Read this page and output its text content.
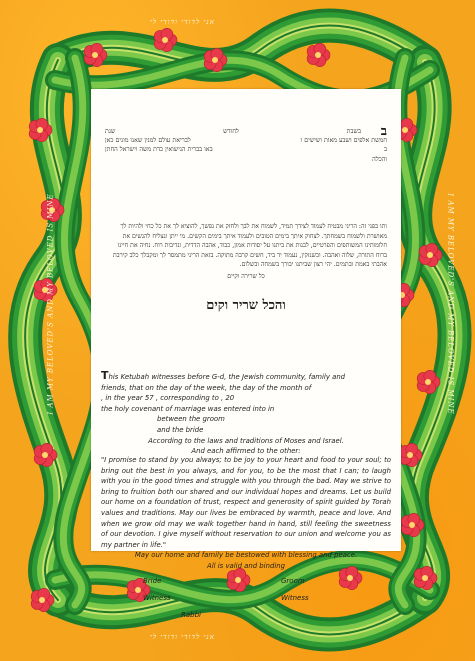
אני לדודי ודודי לי
אני לדודי ודודי לי
I AM MY BELOVED'S AND MY BELOVED IS MINE	I AM MY BELOVED'S AND MY BELOVED IS MINE
ב
בשבת
לחודש
שנת
חמשת אלפים ושבע מאות ושישים ו
לבריאת עולם למנין שאנו מונים כאן
ב
באו בברית הנישואין כדת משה וישראל החתן
והכלה
ותו בפני זה: הריני מבטיח לעמוד לצידך תמיד, לשמוח את לבך ולחזק את נפשך, להוציא לך את כל כחי ולהיות לך מאושרת ולשמוח בשמחתך. לצחוק איתך בימים הטובים ולעמוד איתך בימים הקשים. מי ייתן ונצליח להגשים את חלומותינו המשותפים והפרטיים, לבנות את ביתנו על יסודות אמון, כבוד, אהבה הדדית, ונדיבות רוח. נחיה את חיינו ברוח התורה, שלוה ואהבה. וכשנזקין, נעמוד יד ביד, חשים קרבה מתוקה. בזאת הריני מתמסר לך ומקבלך כלב קירבת אהבתי באמת ובתמים. יהי רצון שביתנו יבורך בשמחה ובשלום.
כל שרירה וקיים
והכל שריר וקים
This Ketubah witnesses before G-d, the Jewish community, family and
friends, that on the day of the week, the day of the month of
, in the year 57 , corresponding to , 20
the holy covenant of marriage was entered into in
between the groom
and the bride
According to the laws and traditions of Moses and Israel.
And each affirmed to the other:
"I promise to stand by you always; to be joy to your heart and food to your soul; to bring out the best in you always, and for you, to be the most that I can; to laugh with you in the good times and struggle with you through the bad. May we strive to bring to fruition both our shared and our individual hopes and dreams. Let us build our home on a foundation of trust, respect and generosity of spirit guided by Torah values and traditions. May our lives be embraced by warmth, peace and love. And when we grow old may we walk together hand in hand, still feeling the sweetness of our devotion. I give myself without reservation to our union and welcome you as my partner in life."
May our home and family be bestowed with blessing and peace.
All is valid and binding
Bride	Groom
Witness	Witness
Rabbi
